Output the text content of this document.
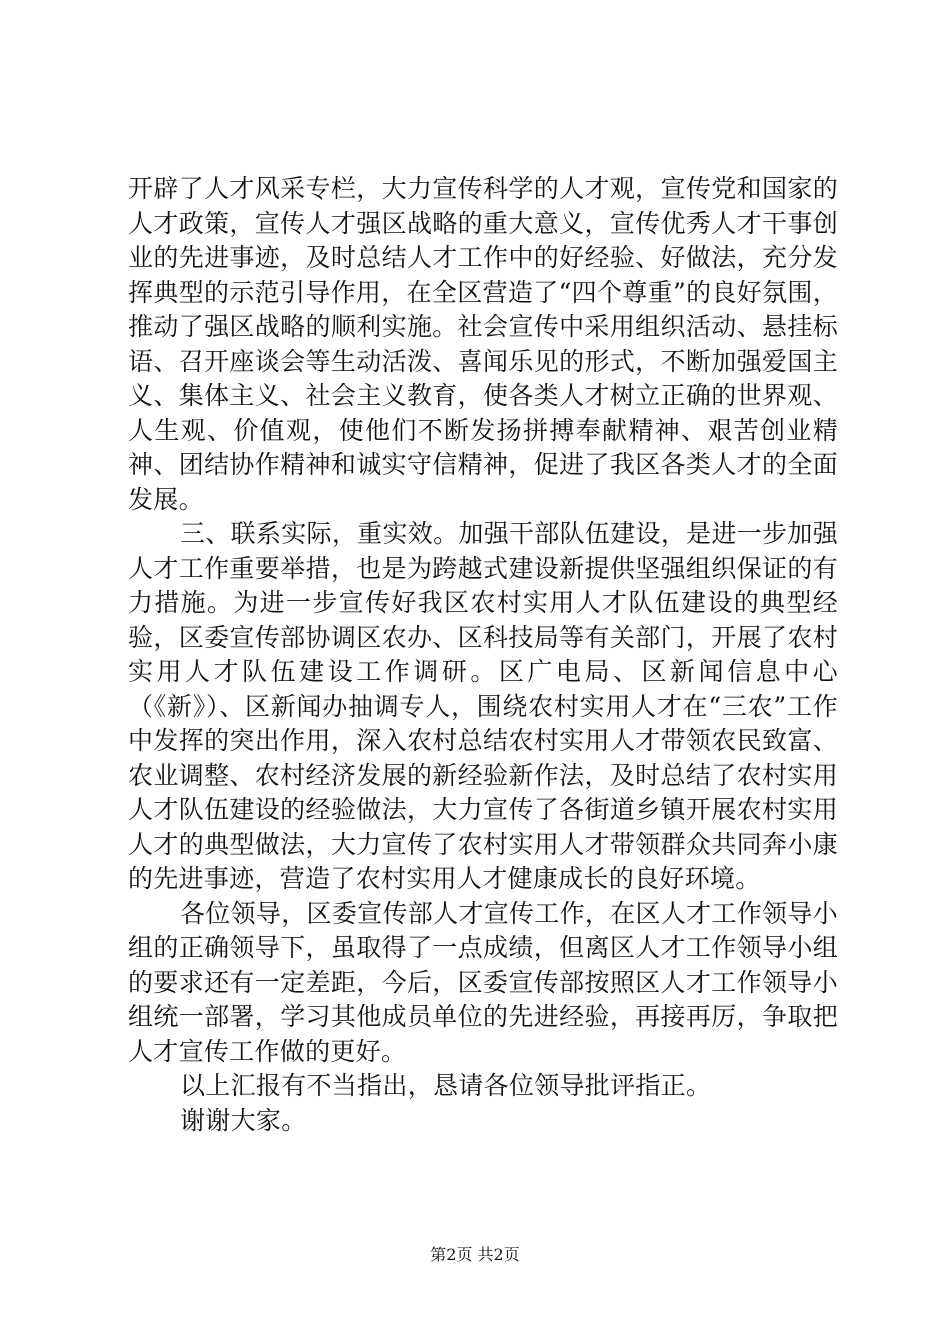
开辟了人才风采专栏，大力宣传科学的人才观，宣传党和国家的人才政策，宣传人才强区战略的重大意义，宣传优秀人才干事创业的先进事迹，及时总结人才工作中的好经验、好做法，充分发挥典型的示范引导作用，在全区营造了“四个尊重”的良好氛围，推动了强区战略的顺利实施。社会宣传中采用组织活动、悬挂标语、召开座谈会等生动活泼、喜闻乐见的形式，不断加强爱国主义、集体主义、社会主义教育，使各类人才树立正确的世界观、人生观、价值观，使他们不断发扬拼搏奉献精神、艰苦创业精神、团结协作精神和诚实守信精神，促进了我区各类人才的全面发展。

三、联系实际，重实效。加强干部队伍建设，是进一步加强人才工作重要举措，也是为跨越式建设新提供坚强组织保证的有力措施。为进一步宣传好我区农村实用人才队伍建设的典型经验，区委宣传部协调区农办、区科技局等有关部门，开展了农村实用人才队伍建设工作调研。区广电局、区新闻信息中心（《新》）、区新闻办抽调专人，围绕农村实用人才在“三农”工作中发挥的突出作用，深入农村总结农村实用人才带领农民致富、农业调整、农村经济发展的新经验新作法，及时总结了农村实用人才队伍建设的经验做法，大力宣传了各街道乡镇开展农村实用人才的典型做法，大力宣传了农村实用人才带领群众共同奔小康的先进事迹，营造了农村实用人才健康成长的良好环境。

各位领导，区委宣传部人才宣传工作，在区人才工作领导小组的正确领导下，虽取得了一点成绩，但离区人才工作领导小组的要求还有一定差距，今后，区委宣传部按照区人才工作领导小组统一部署，学习其他成员单位的先进经验，再接再厉，争取把人才宣传工作做的更好。

以上汇报有不当指出，恳请各位领导批评指正。

谢谢大家。

第2页 共2页
